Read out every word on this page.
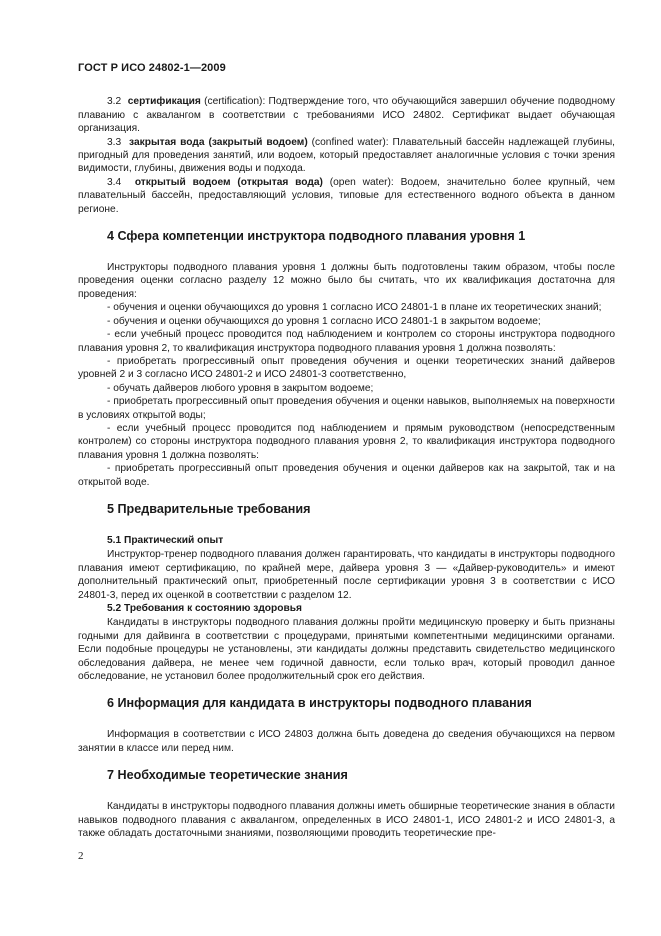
ГОСТ Р ИСО 24802-1—2009

3.2 сертификация (certification): Подтверждение того, что обучающийся завершил обучение подводному плаванию с аквалангом в соответствии с требованиями ИСО 24802. Сертификат выдает обучающая организация.

3.3 закрытая вода (закрытый водоем) (confined water): Плавательный бассейн надлежащей глубины, пригодный для проведения занятий, или водоем, который предоставляет аналогичные условия с точки зрения видимости, глубины, движения воды и подхода.

3.4 открытый водоем (открытая вода) (open water): Водоем, значительно более крупный, чем плавательный бассейн, предоставляющий условия, типовые для естественного водного объекта в данном регионе.

4 Сфера компетенции инструктора подводного плавания уровня 1

Инструкторы подводного плавания уровня 1 должны быть подготовлены таким образом, чтобы после проведения оценки согласно разделу 12 можно было бы считать, что их квалификация достаточна для проведения:

- обучения и оценки обучающихся до уровня 1 согласно ИСО 24801-1 в плане их теоретических знаний;

- обучения и оценки обучающихся до уровня 1 согласно ИСО 24801-1 в закрытом водоеме;

- если учебный процесс проводится под наблюдением и контролем со стороны инструктора подводного плавания уровня 2, то квалификация инструктора подводного плавания уровня 1 должна позволять:

- приобретать прогрессивный опыт проведения обучения и оценки теоретических знаний дайверов уровней 2 и 3 согласно ИСО 24801-2 и ИСО 24801-3 соответственно,

- обучать дайверов любого уровня в закрытом водоеме;

- приобретать прогрессивный опыт проведения обучения и оценки навыков, выполняемых на поверхности в условиях открытой воды;

- если учебный процесс проводится под наблюдением и прямым руководством (непосредственным контролем) со стороны инструктора подводного плавания уровня 2, то квалификация инструктора подводного плавания уровня 1 должна позволять:

- приобретать прогрессивный опыт проведения обучения и оценки дайверов как на закрытой, так и на открытой воде.

5 Предварительные требования
5.1 Практический опыт

Инструктор-тренер подводного плавания должен гарантировать, что кандидаты в инструкторы подводного плавания имеют сертификацию, по крайней мере, дайвера уровня 3 — «Дайвер-руководитель» и имеют дополнительный практический опыт, приобретенный после сертификации уровня 3 в соответствии с ИСО 24801-3, перед их оценкой в соответствии с разделом 12.

5.2 Требования к состоянию здоровья

Кандидаты в инструкторы подводного плавания должны пройти медицинскую проверку и быть признаны годными для дайвинга в соответствии с процедурами, принятыми компетентными медицинскими органами. Если подобные процедуры не установлены, эти кандидаты должны представить свидетельство медицинского обследования дайвера, не менее чем годичной давности, если только врач, который проводил данное обследование, не установил более продолжительный срок его действия.

6 Информация для кандидата в инструкторы подводного плавания

Информация в соответствии с ИСО 24803 должна быть доведена до сведения обучающихся на первом занятии в классе или перед ним.

7 Необходимые теоретические знания

Кандидаты в инструкторы подводного плавания должны иметь обширные теоретические знания в области навыков подводного плавания с аквалангом, определенных в ИСО 24801-1, ИСО 24801-2 и ИСО 24801-3, а также обладать достаточными знаниями, позволяющими проводить теоретические пре-

2
